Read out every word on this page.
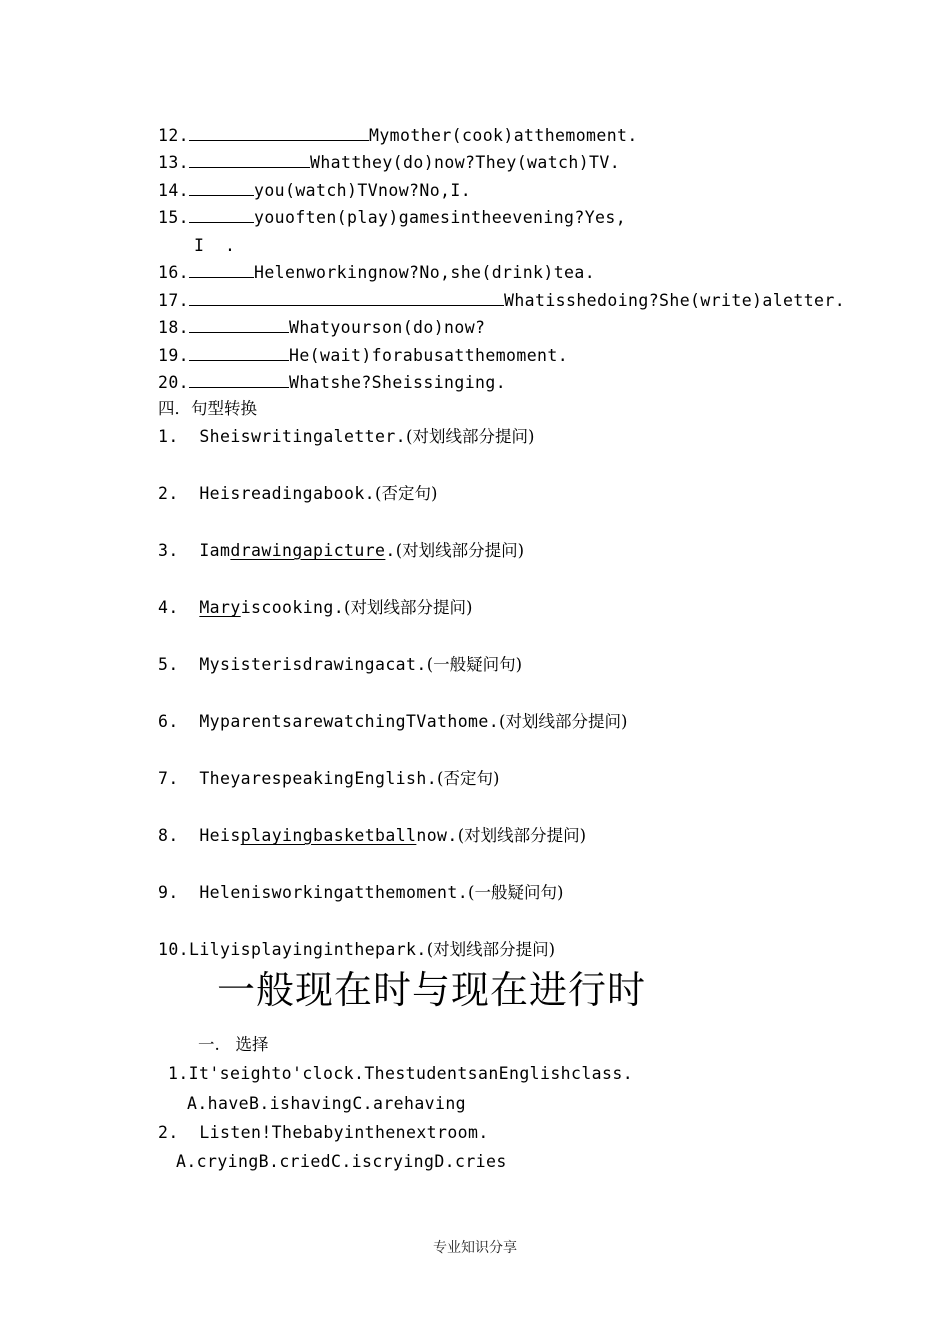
12.	Mymother(cook)atthemoment.
13.	Whatthey(do)now?They(watch)TV.
14.	you(watch)TVnow?No,I.
15.	youoften(play)gamesintheevening?Yes,
I  .
16.	Helenworkingnow?No,she(drink)tea.
17.	Whatisshedoing?She(write)aletter.
18.	Whatyourson(do)now?
19.	He(wait)forabusatthemoment.
20.	Whatshe?Sheissinging.
四．句型转换
1. Sheiswritingaletter.(对划线部分提问)
2. Heisreadingabook.(否定句)
3. Iamdrawingapicture.(对划线部分提问)
4. Maryiscooking.(对划线部分提问)
5. Mysisterisdrawingacat.(一般疑问句)
6. MyparentsarewatchingTVathome.(对划线部分提问)
7. TheyarespeakingEnglish.(否定句)
8. Heisplayingbasketballnow.(对划线部分提问)
9. Helenisworkingatthemoment.(一般疑问句)
10.Lilyisplayinginthepark.(对划线部分提问)
一般现在时与现在进行时
一. 选择
1.It'seighto'clock.ThestudentsanEnglishclass.
A.haveB.ishavingC.arehaving
2.  Listen!Thebabyinthenextroom.
A.cryingB.criedC.iscryingD.cries
专业知识分享
